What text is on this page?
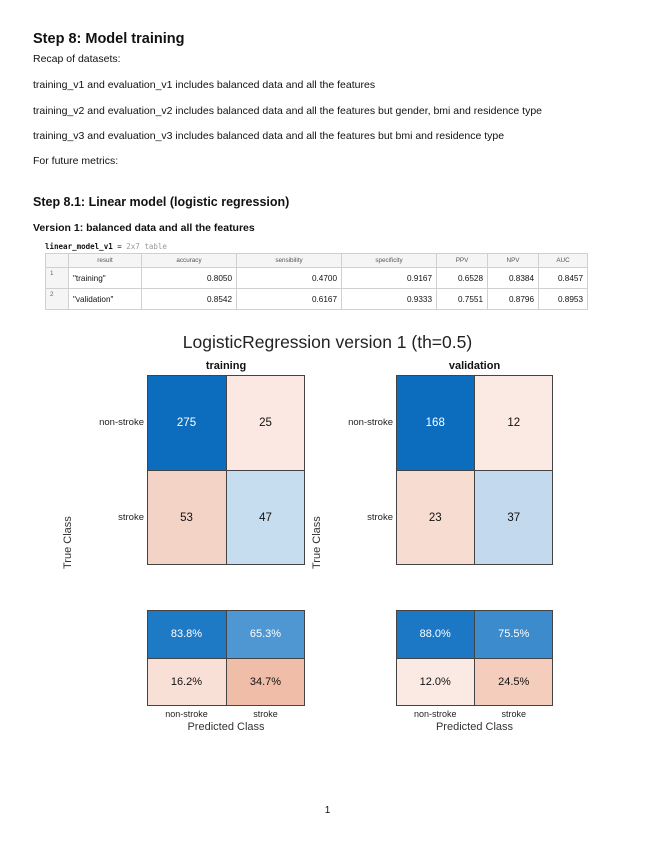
Step 8: Model training
Recap of datasets:
training_v1 and evaluation_v1 includes balanced data and all the features
training_v2 and evaluation_v2 includes balanced data and all the features but gender, bmi and residence type
training_v3 and evaluation_v3 includes balanced data and all the features but bmi and residence type
For future metrics:
Step 8.1: Linear model (logistic regression)
Version 1: balanced data and all the features
linear_model_v1 = 2x7 table
	result	accuracy	sensibility	specificity	PPV	NPV	AUC
1	"training"	0.8050	0.4700	0.9167	0.6528	0.8384	0.8457
2	"validation"	0.8542	0.6167	0.9333	0.7551	0.8796	0.8953
LogisticRegression version 1 (th=0.5)
training
275	25
53	47
non-stroke
stroke
True Class
83.8%	65.3%
16.2%	34.7%
non-stroke	stroke
Predicted Class
validation
168	12
23	37
non-stroke
stroke
True Class
88.0%	75.5%
12.0%	24.5%
non-stroke	stroke
Predicted Class
1
